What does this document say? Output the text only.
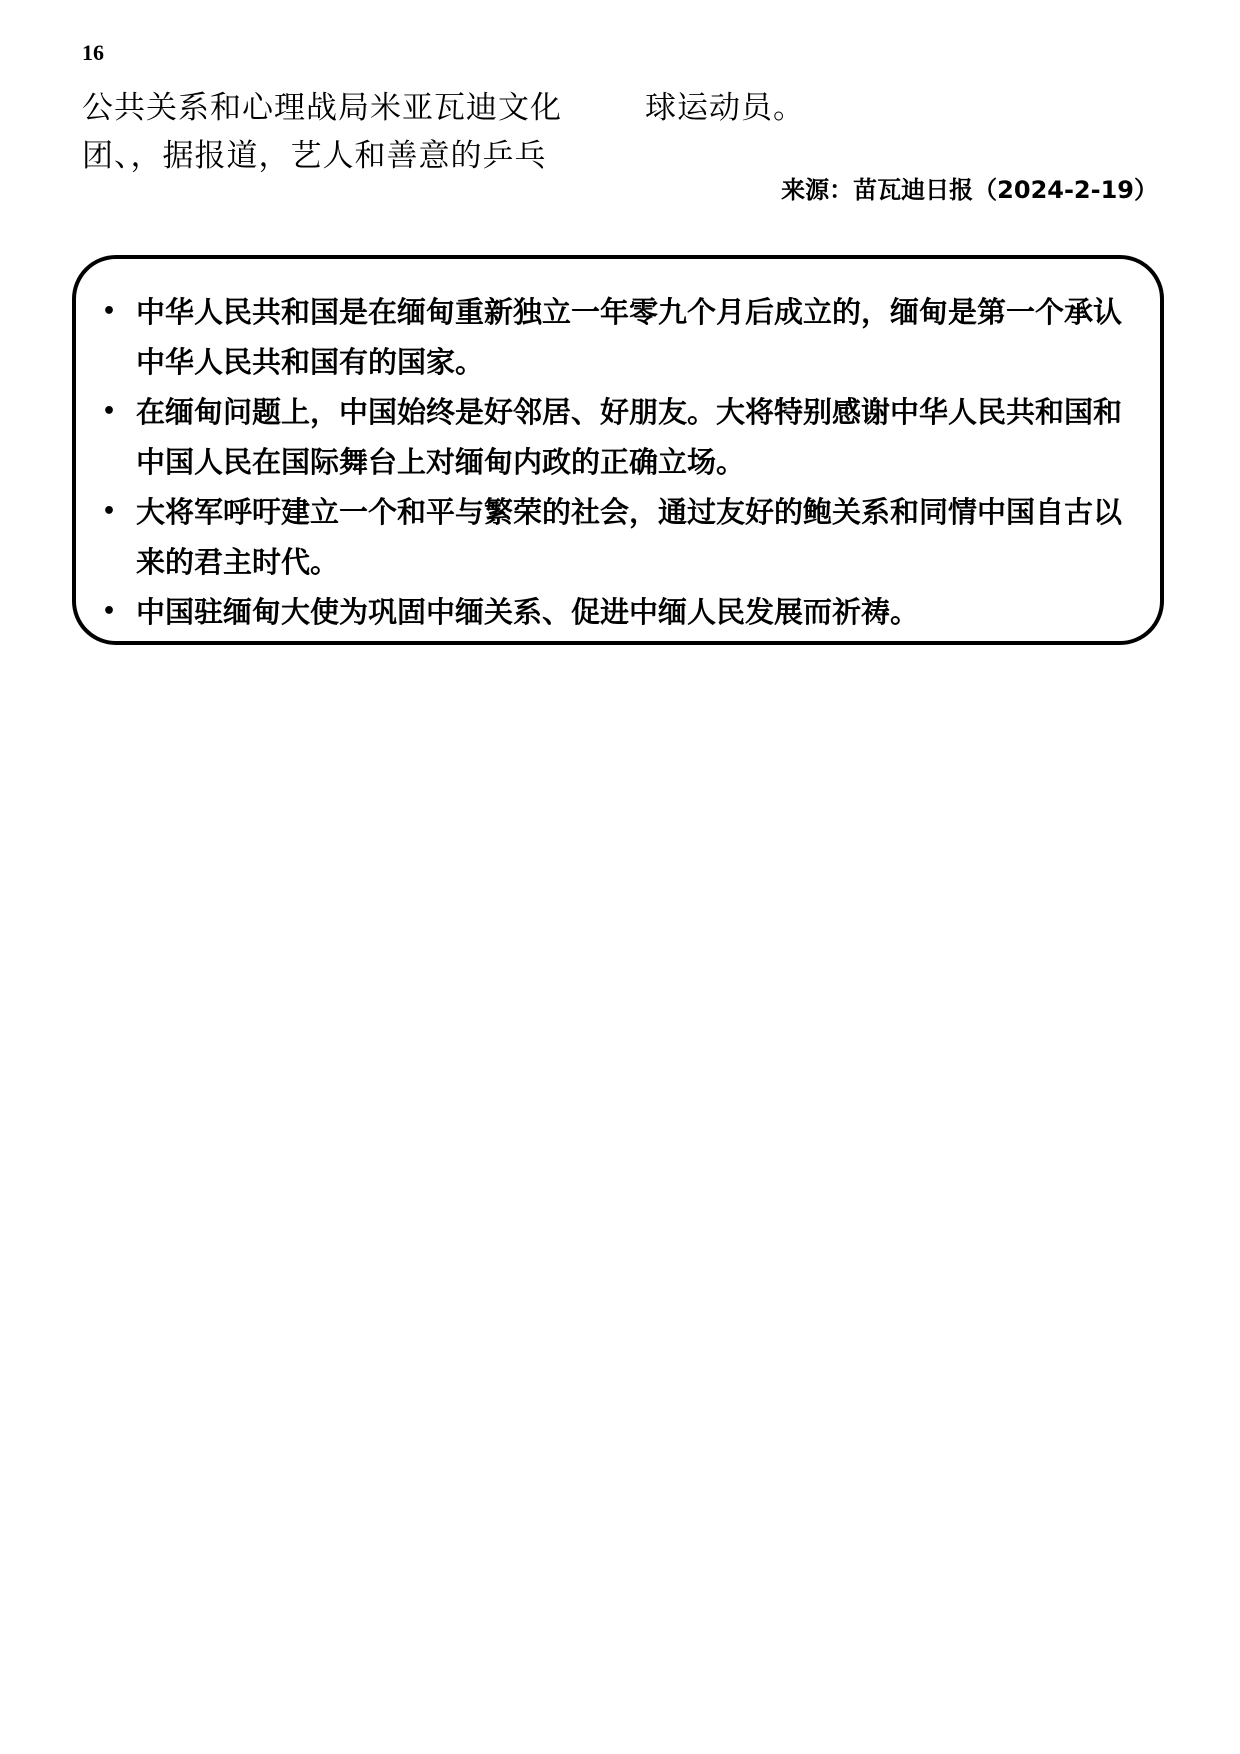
16
公共关系和心理战局米亚瓦迪文化
团、，据报道，艺人和善意的乒乓
球运动员。
来源：苗瓦迪日报（2024-2-19）
• 中华人民共和国是在缅甸重新独立一年零九个月后成立的，缅甸是第一个承认中华人民共和国有的国家。
• 在缅甸问题上，中国始终是好邻居、好朋友。大将特别感谢中华人民共和国和中国人民在国际舞台上对缅甸内政的正确立场。
• 大将军呼吁建立一个和平与繁荣的社会，通过友好的鲍关系和同情中国自古以来的君主时代。
• 中国驻缅甸大使为巩固中缅关系、促进中缅人民发展而祈祷。
